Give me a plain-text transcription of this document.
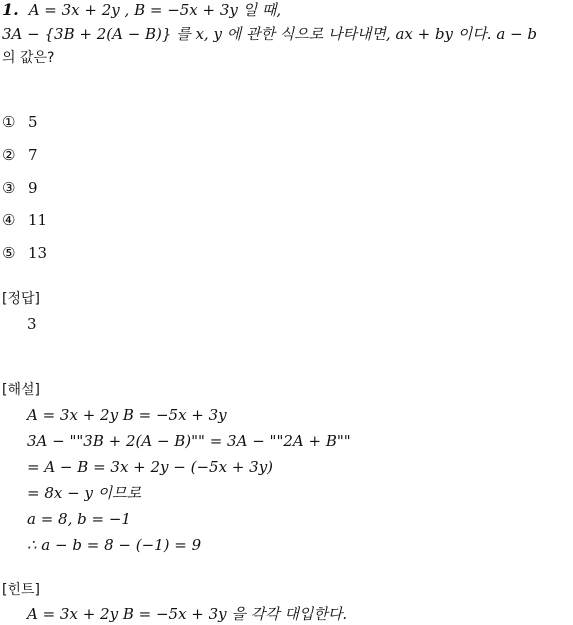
1. A = 3x + 2y , B = −5x + 3y 일 때,
3A − {3B + 2(A − B)} 를 x, y 에 관한 식으로 나타내면, ax + by 이다. a − b
의 값은?
① 5
② 7
③ 9
④ 11
⑤ 13
[정답]
3
[해설]
A = 3x + 2y B = −5x + 3y
3A − ""3B + 2(A − B)"" = 3A − ""2A + B""
= A − B = 3x + 2y − (−5x + 3y)
= 8x − y 이므로
a = 8, b = −1
∴ a − b = 8 − (−1) = 9
[힌트]
A = 3x + 2y B = −5x + 3y 을 각각 대입한다.
